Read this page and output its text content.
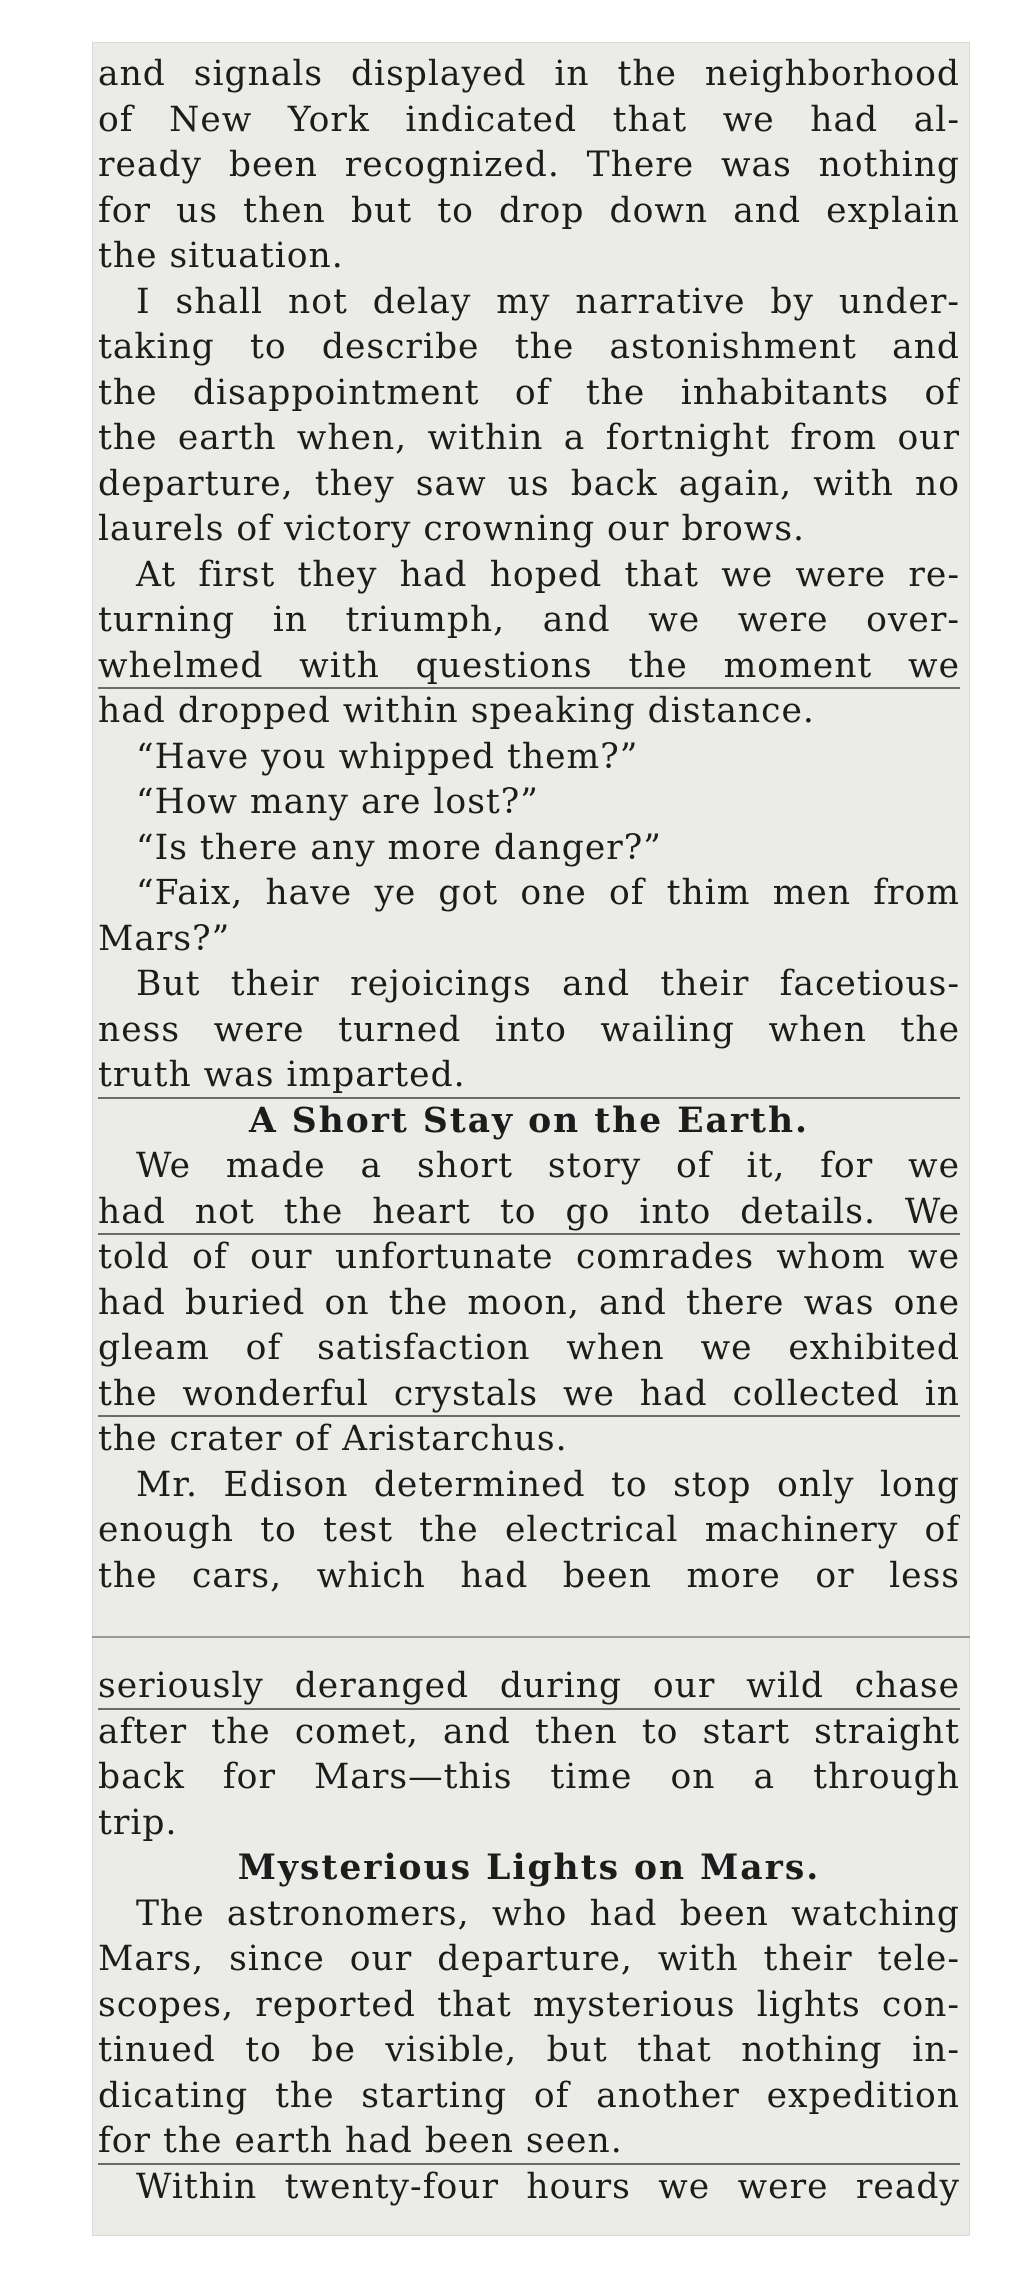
and signals displayed in the neighborhood
of New York indicated that we had al-
ready been recognized. There was nothing
for us then but to drop down and explain
the situation.
I shall not delay my narrative by under-
taking to describe the astonishment and
the disappointment of the inhabitants of
the earth when, within a fortnight from our
departure, they saw us back again, with no
laurels of victory crowning our brows.
At first they had hoped that we were re-
turning in triumph, and we were over-
whelmed with questions the moment we
had dropped within speaking distance.
“Have you whipped them?”
“How many are lost?”
“Is there any more danger?”
“Faix, have ye got one of thim men from
Mars?”
But their rejoicings and their facetious-
ness were turned into wailing when the
truth was imparted.
A Short Stay on the Earth.
We made a short story of it, for we
had not the heart to go into details. We
told of our unfortunate comrades whom we
had buried on the moon, and there was one
gleam of satisfaction when we exhibited
the wonderful crystals we had collected in
the crater of Aristarchus.
Mr. Edison determined to stop only long
enough to test the electrical machinery of
the cars, which had been more or less
seriously deranged during our wild chase
after the comet, and then to start straight
back for Mars—this time on a through
trip.
Mysterious Lights on Mars.
The astronomers, who had been watching
Mars, since our departure, with their tele-
scopes, reported that mysterious lights con-
tinued to be visible, but that nothing in-
dicating the starting of another expedition
for the earth had been seen.
Within twenty-four hours we were ready
